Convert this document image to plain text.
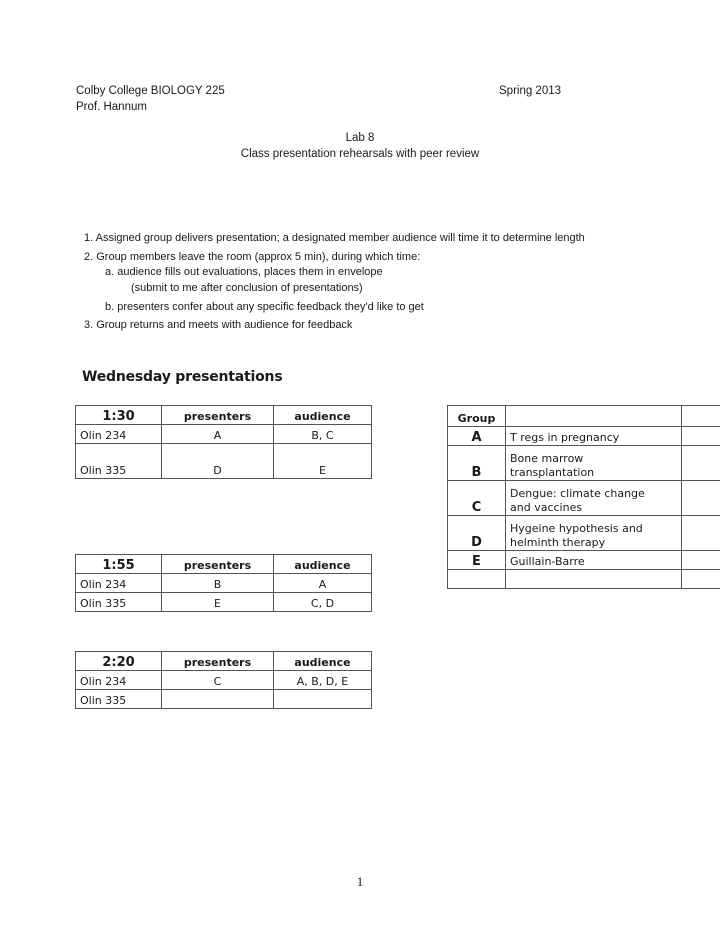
Colby College BIOLOGY 225	Spring 2013
Prof. Hannum
Lab 8
Class presentation rehearsals with peer review
1. Assigned group delivers presentation; a designated member audience will time it to determine length
2. Group members leave the room (approx 5 min), during which time:
a. audience fills out evaluations, places them in envelope
(submit to me after conclusion of presentations)
b. presenters confer about any specific feedback they'd like to get
3. Group returns and meets with audience for feedback
Wednesday presentations
1:30	presenters	audience
Olin 234	A	B, C
Olin 335	D	E
1:55	presenters	audience
Olin 234	B	A
Olin 335	E	C, D
2:20	presenters	audience
Olin 234	C	A, B, D, E
Olin 335		
Group		
A	T regs in pregnancy	
B	Bone marrow
transplantation	

C	Dengue: climate change
and vaccines	

D	Hygeine hypothesis and
helminth therapy	

E	Guillain-Barre	

1
